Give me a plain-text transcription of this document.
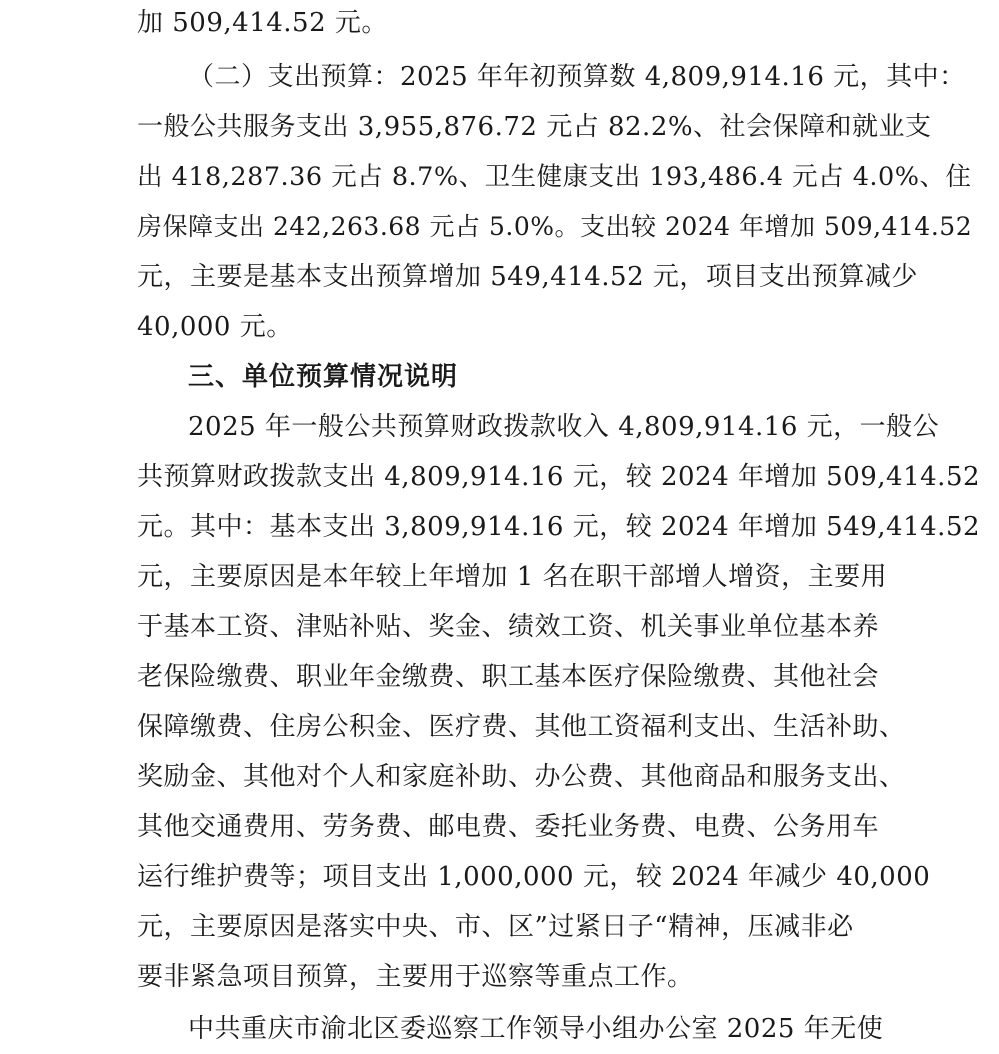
加 509,414.52 元。
（二）支出预算：2025 年年初预算数 4,809,914.16 元，其中：
一般公共服务支出 3,955,876.72 元占 82.2%、社会保障和就业支
出 418,287.36 元占 8.7%、卫生健康支出 193,486.4 元占 4.0%、住
房保障支出 242,263.68 元占 5.0%。支出较 2024 年增加 509,414.52
元，主要是基本支出预算增加 549,414.52 元，项目支出预算减少
40,000 元。
三、单位预算情况说明
2025 年一般公共预算财政拨款收入 4,809,914.16 元，一般公
共预算财政拨款支出 4,809,914.16 元，较 2024 年增加 509,414.52
元。其中：基本支出 3,809,914.16 元，较 2024 年增加 549,414.52
元，主要原因是本年较上年增加 1 名在职干部增人增资，主要用
于基本工资、津贴补贴、奖金、绩效工资、机关事业单位基本养
老保险缴费、职业年金缴费、职工基本医疗保险缴费、其他社会
保障缴费、住房公积金、医疗费、其他工资福利支出、生活补助、
奖励金、其他对个人和家庭补助、办公费、其他商品和服务支出、
其他交通费用、劳务费、邮电费、委托业务费、电费、公务用车
运行维护费等；项目支出 1,000,000 元，较 2024 年减少 40,000
元，主要原因是落实中央、市、区”过紧日子“精神，压减非必
要非紧急项目预算，主要用于巡察等重点工作。
中共重庆市渝北区委巡察工作领导小组办公室 2025 年无使
